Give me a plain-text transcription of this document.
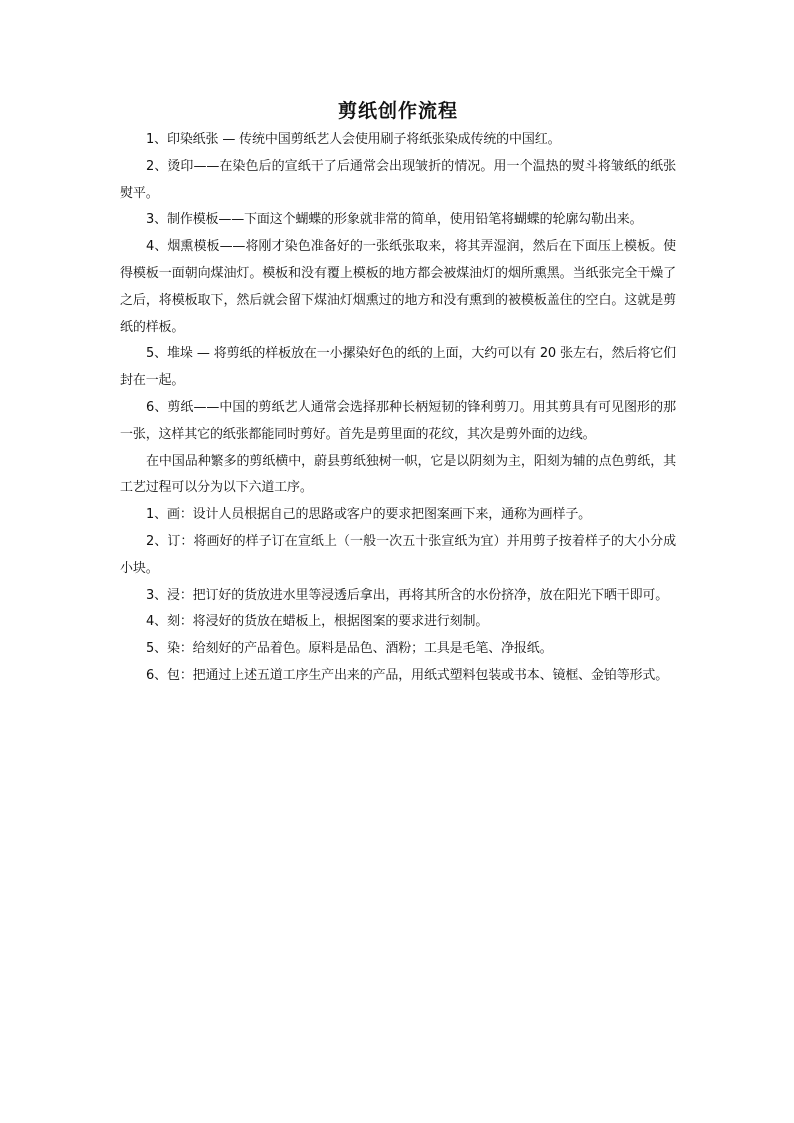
剪纸创作流程

1、印染纸张 — 传统中国剪纸艺人会使用刷子将纸张染成传统的中国红。

2、烫印——在染色后的宣纸干了后通常会出现皱折的情况。用一个温热的熨斗将皱纸的纸张熨平。

3、制作模板——下面这个蝴蝶的形象就非常的简单，使用铅笔将蝴蝶的轮廓勾勒出来。

4、烟熏模板——将刚才染色准备好的一张纸张取来，将其弄湿润，然后在下面压上模板。使得模板一面朝向煤油灯。模板和没有覆上模板的地方都会被煤油灯的烟所熏黑。当纸张完全干燥了之后，将模板取下，然后就会留下煤油灯烟熏过的地方和没有熏到的被模板盖住的空白。这就是剪纸的样板。

5、堆垛 — 将剪纸的样板放在一小摞染好色的纸的上面，大约可以有 20 张左右，然后将它们封在一起。

6、剪纸——中国的剪纸艺人通常会选择那种长柄短韧的锋利剪刀。用其剪具有可见图形的那一张，这样其它的纸张都能同时剪好。首先是剪里面的花纹，其次是剪外面的边线。

在中国品种繁多的剪纸横中，蔚县剪纸独树一帜，它是以阴刻为主，阳刻为辅的点色剪纸，其工艺过程可以分为以下六道工序。

1、画：设计人员根据自己的思路或客户的要求把图案画下来，通称为画样子。

2、订：将画好的样子订在宣纸上（一般一次五十张宣纸为宜）并用剪子按着样子的大小分成小块。

3、浸：把订好的货放进水里等浸透后拿出，再将其所含的水份挤净，放在阳光下晒干即可。

4、刻：将浸好的货放在蜡板上，根据图案的要求进行刻制。

5、染：给刻好的产品着色。原料是品色、酒粉；工具是毛笔、净报纸。

6、包：把通过上述五道工序生产出来的产品，用纸式塑料包装或书本、镜框、金铂等形式。
